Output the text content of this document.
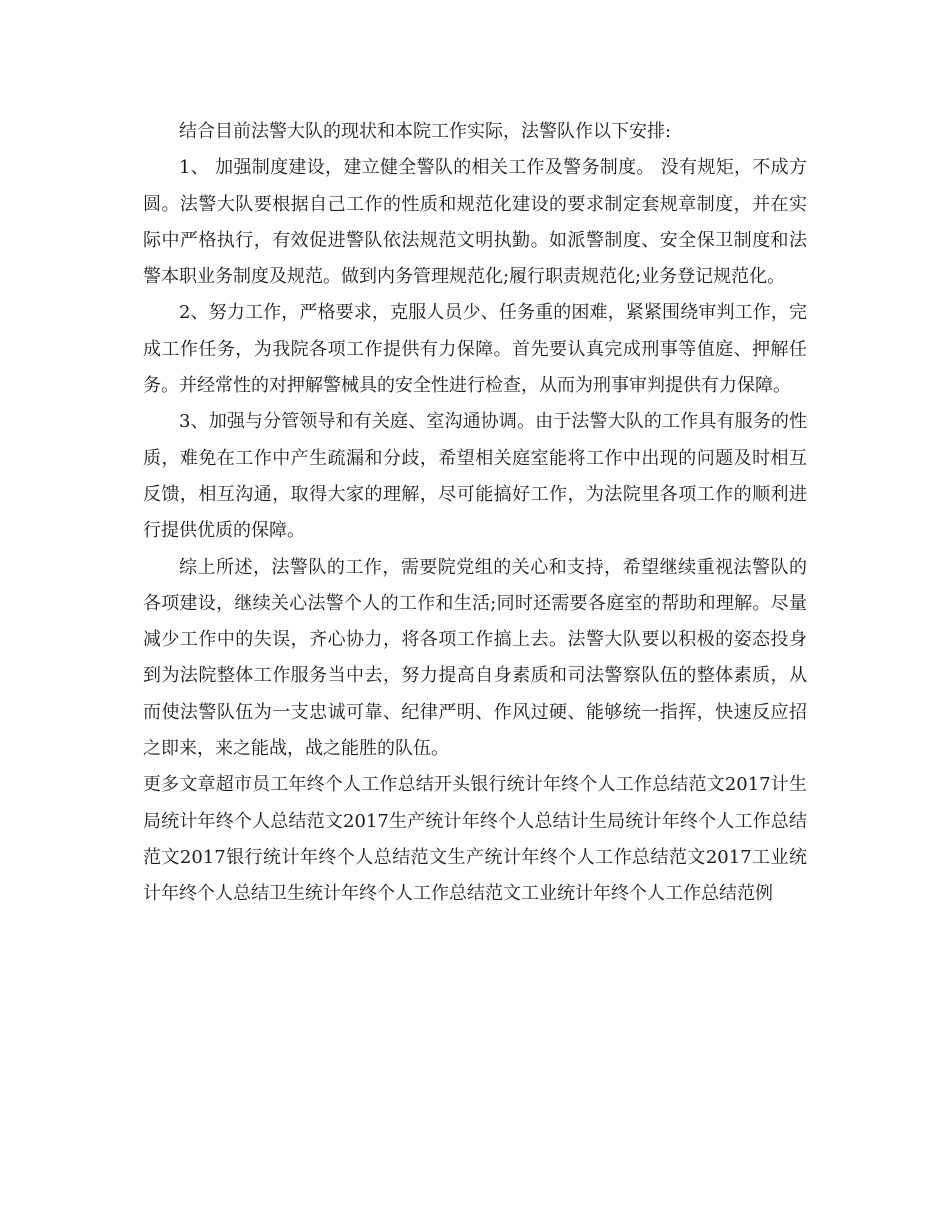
结合目前法警大队的现状和本院工作实际，法警队作以下安排:

1、 加强制度建设，建立健全警队的相关工作及警务制度。 没有规矩，不成方圆。法警大队要根据自己工作的性质和规范化建设的要求制定套规章制度，并在实际中严格执行，有效促进警队依法规范文明执勤。如派警制度、安全保卫制度和法警本职业务制度及规范。做到内务管理规范化;履行职责规范化;业务登记规范化。

2、努力工作，严格要求，克服人员少、任务重的困难，紧紧围绕审判工作，完成工作任务，为我院各项工作提供有力保障。首先要认真完成刑事等值庭、押解任务。并经常性的对押解警械具的安全性进行检查，从而为刑事审判提供有力保障。

3、加强与分管领导和有关庭、室沟通协调。由于法警大队的工作具有服务的性质，难免在工作中产生疏漏和分歧，希望相关庭室能将工作中出现的问题及时相互反馈，相互沟通，取得大家的理解，尽可能搞好工作，为法院里各项工作的顺利进行提供优质的保障。

综上所述，法警队的工作，需要院党组的关心和支持，希望继续重视法警队的各项建设，继续关心法警个人的工作和生活;同时还需要各庭室的帮助和理解。尽量减少工作中的失误，齐心协力，将各项工作搞上去。法警大队要以积极的姿态投身到为法院整体工作服务当中去，努力提高自身素质和司法警察队伍的整体素质，从而使法警队伍为一支忠诚可靠、纪律严明、作风过硬、能够统一指挥，快速反应招之即来，来之能战，战之能胜的队伍。

更多文章超市员工年终个人工作总结开头银行统计年终个人工作总结范文2017计生局统计年终个人总结范文2017生产统计年终个人总结计生局统计年终个人工作总结范文2017银行统计年终个人总结范文生产统计年终个人工作总结范文2017工业统计年终个人总结卫生统计年终个人工作总结范文工业统计年终个人工作总结范例
